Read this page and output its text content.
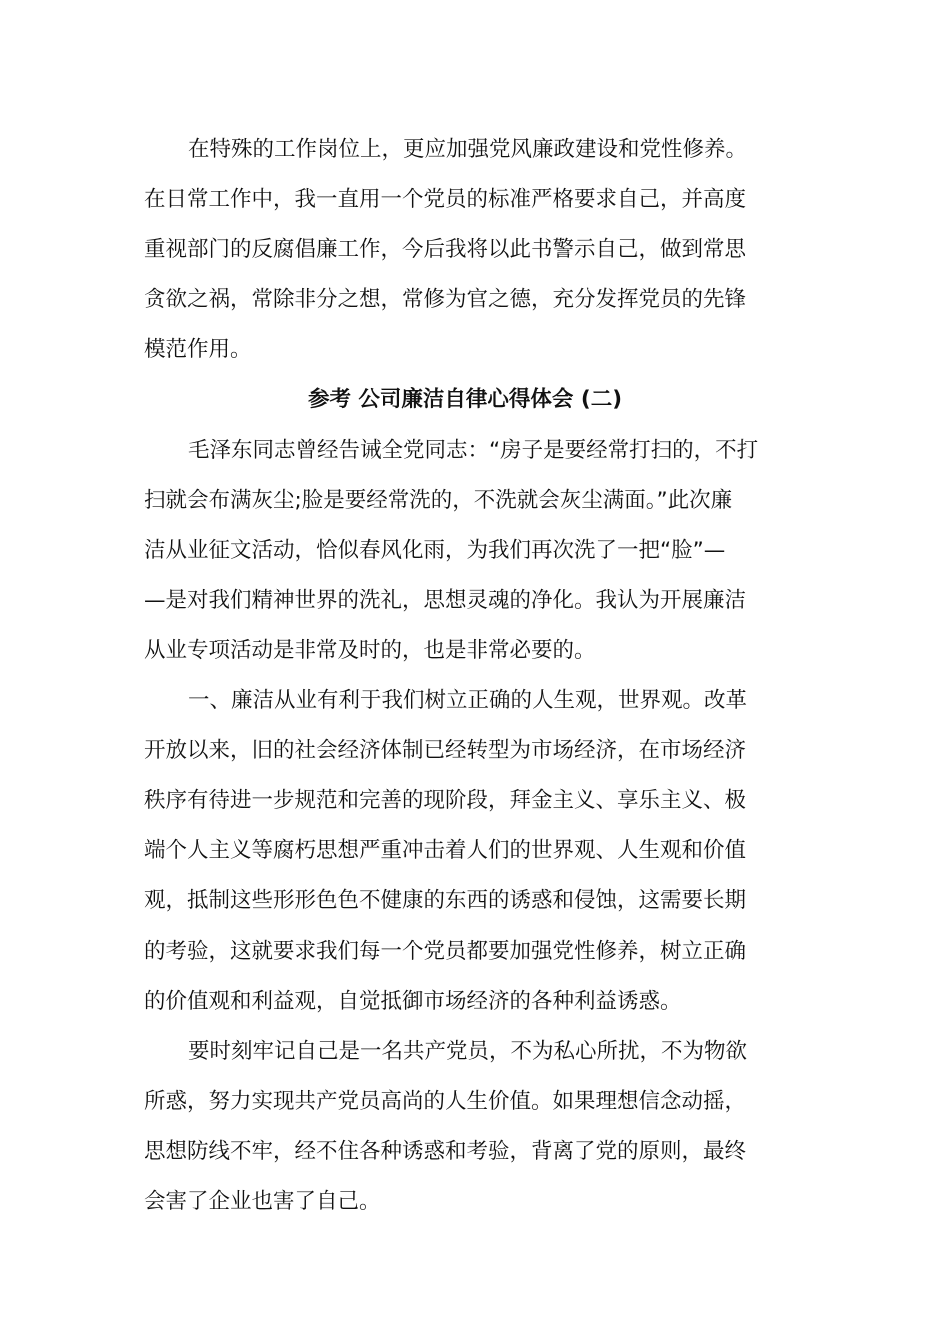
在特殊的工作岗位上，更应加强党风廉政建设和党性修养。
在日常工作中，我一直用一个党员的标准严格要求自己，并高度
重视部门的反腐倡廉工作，今后我将以此书警示自己，做到常思
贪欲之祸，常除非分之想，常修为官之德，充分发挥党员的先锋
模范作用。
参考 公司廉洁自律心得体会 (二)
毛泽东同志曾经告诫全党同志：“房子是要经常打扫的，不打
扫就会布满灰尘;脸是要经常洗的，不洗就会灰尘满面。”此次廉
洁从业征文活动，恰似春风化雨，为我们再次洗了一把“脸”—
—是对我们精神世界的洗礼，思想灵魂的净化。我认为开展廉洁
从业专项活动是非常及时的，也是非常必要的。
一、廉洁从业有利于我们树立正确的人生观，世界观。改革
开放以来，旧的社会经济体制已经转型为市场经济，在市场经济
秩序有待进一步规范和完善的现阶段，拜金主义、享乐主义、极
端个人主义等腐朽思想严重冲击着人们的世界观、人生观和价值
观，抵制这些形形色色不健康的东西的诱惑和侵蚀，这需要长期
的考验，这就要求我们每一个党员都要加强党性修养，树立正确
的价值观和利益观，自觉抵御市场经济的各种利益诱惑。
要时刻牢记自己是一名共产党员，不为私心所扰，不为物欲
所惑，努力实现共产党员高尚的人生价值。如果理想信念动摇，
思想防线不牢，经不住各种诱惑和考验，背离了党的原则，最终
会害了企业也害了自己。
